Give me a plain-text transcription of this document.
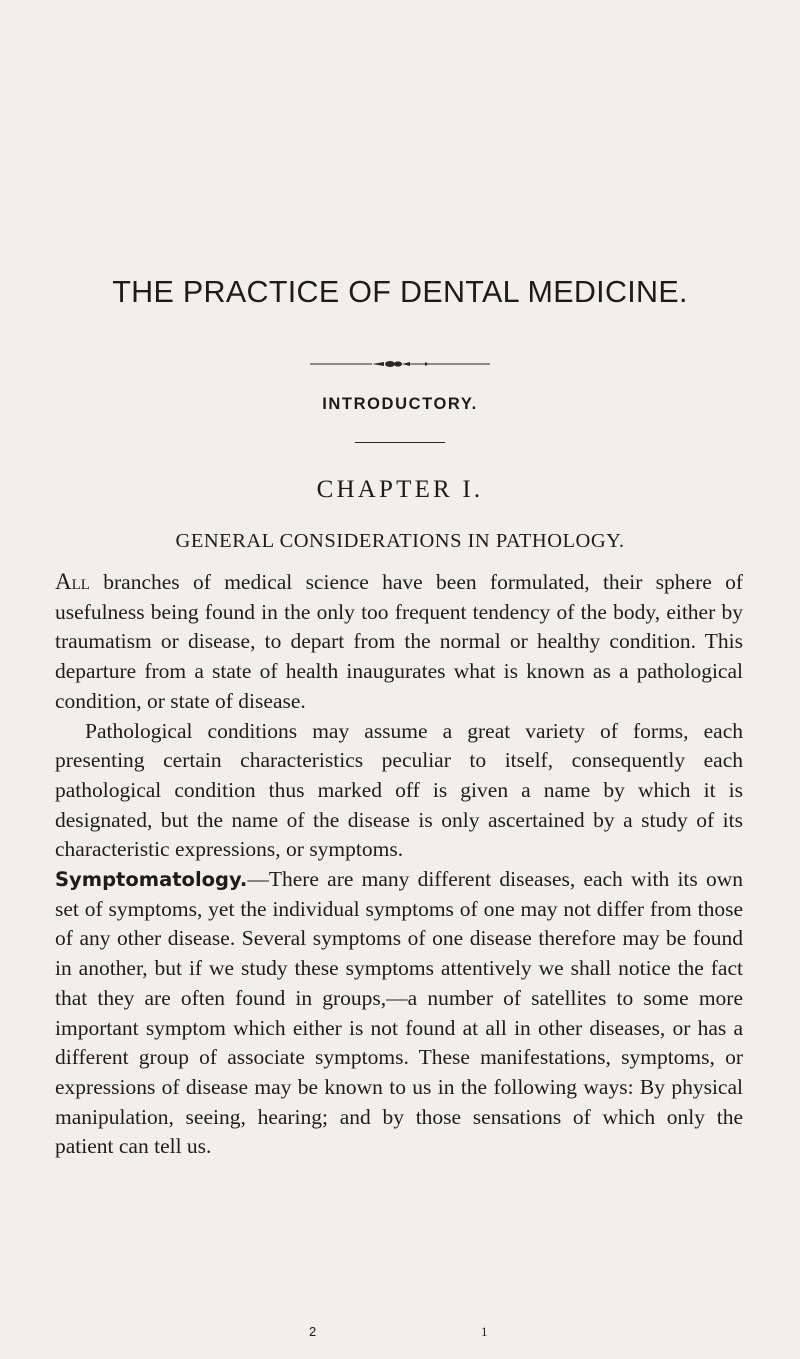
THE PRACTICE OF DENTAL MEDICINE.
INTRODUCTORY.
CHAPTER I.
GENERAL CONSIDERATIONS IN PATHOLOGY.

All branches of medical science have been formulated, their sphere of usefulness being found in the only too frequent tendency of the body, either by traumatism or disease, to depart from the normal or healthy condition. This departure from a state of health inaugurates what is known as a pathological condition, or state of disease.

Pathological conditions may assume a great variety of forms, each presenting certain characteristics peculiar to itself, consequently each pathological condition thus marked off is given a name by which it is designated, but the name of the disease is only ascertained by a study of its characteristic expressions, or symptoms.

Symptomatology.—There are many different diseases, each with its own set of symptoms, yet the individual symptoms of one may not differ from those of any other disease. Several symptoms of one disease therefore may be found in another, but if we study these symptoms attentively we shall notice the fact that they are often found in groups,—a number of satellites to some more important symptom which either is not found at all in other diseases, or has a different group of associate symptoms. These manifestations, symptoms, or expressions of disease may be known to us in the following ways: By physical manipulation, seeing, hearing; and by those sensations of which only the patient can tell us.

2	1
